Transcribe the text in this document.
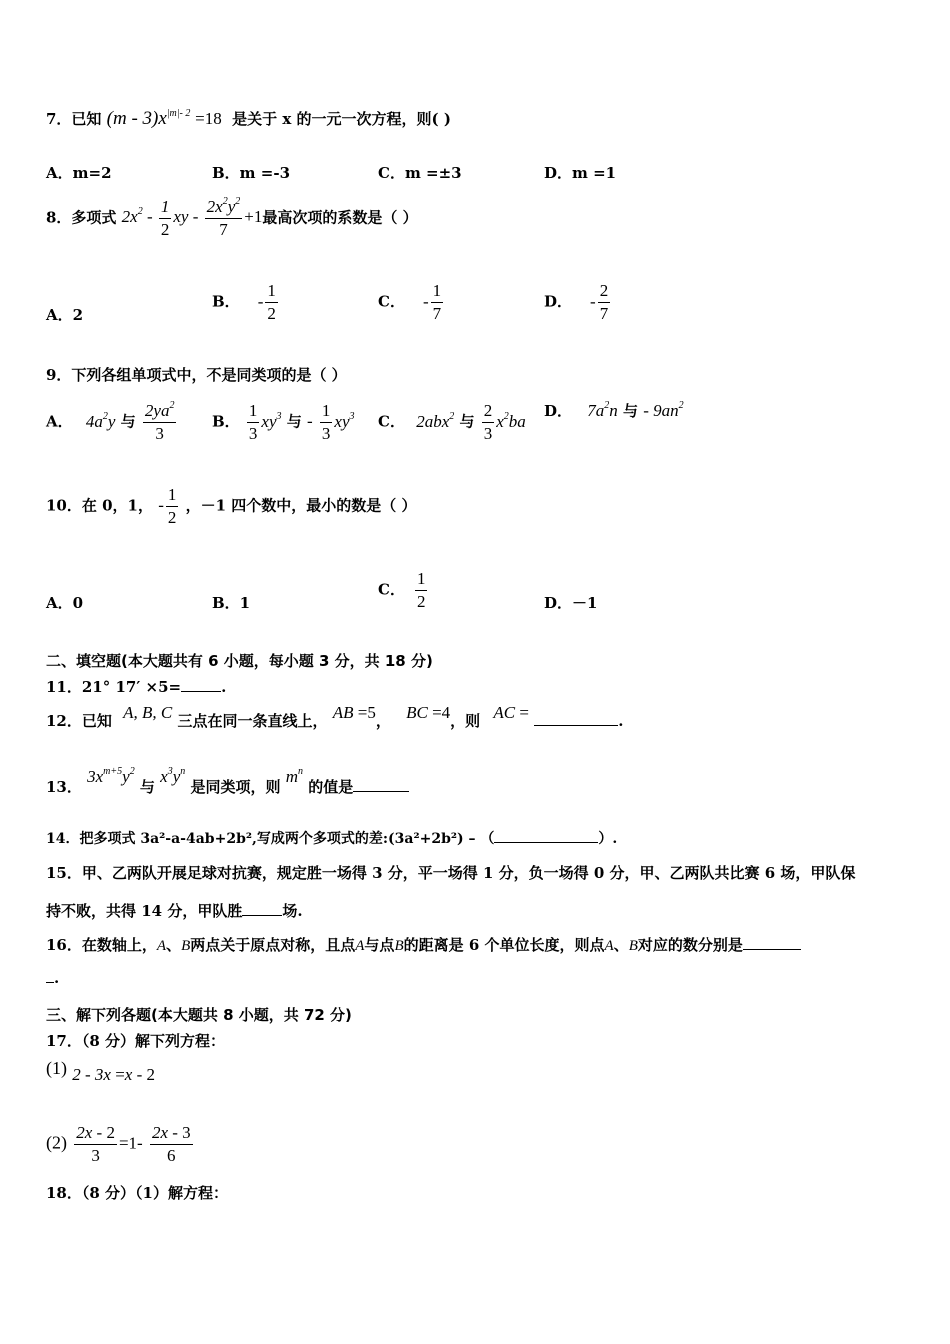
7．已知 $(m - 3)x^{|m|- 2} =18$ 是关于 x 的一元一次方程，则( )
A．m=2	B．m =-3	C．m =±3	D．m =1
8．多项式 $2x^2 - \frac{1}{2}$ xy - $\frac{2x^2y^2}{7} +1$最高次项的系数是（ ）
A．2
B． - $\frac{1}{2}$	C． - $\frac{1}{7}$	D． - $\frac{2}{7}$
9．下列各组单项式中，不是同类项的是（ ）
A． $4a^2y$ 与 $\frac{2ya^2}{3}$ B． $\frac{1}{3} xy^3$ 与 - $\frac{1}{3} xy^3$ C． 2abx$^2$ 与 $\frac{2}{3} x^2ba$
D． $7a^2n$ 与 - $9an^2$
10．在 0，1， - $\frac{1}{2}$ ，－1 四个数中，最小的数是（ ）
A．0	B．1
C． $\frac{1}{2}$	D．－1
二、填空题(本大题共有 6 小题，每小题 3 分，共 18 分)
11．21° 17′ ×5=	.
12．已知 A, B, C 三点在同一条直线上， AB =5， BC =4，则 AC =	.
13． $3x^{m+5}y^2$ 与 $x^3y^n$ 是同类项，则 $m^n$ 的值是
14．把多项式 3a²-a-4ab+2b²,写成两个多项式的差:(3a²+2b²) – （	）.
15．甲、乙两队开展足球对抗赛，规定胜一场得 3 分，平一场得 1 分，负一场得 0 分，甲、乙两队共比赛 6 场，甲队保
持不败，共得 14 分，甲队胜	场.
16．在数轴上，A、B两点关于原点对称，且点A与点B的距离是 6 个单位长度，则点A、B对应的数分别是
.
三、解下列各题(本大题共 8 小题，共 72 分)
17．（8 分）解下列方程：
(1) 2 - 3x =x - 2
$(2) \frac{2x - 2}{3} =1- \frac{2x - 3}{6}$
18．（8 分）（1）解方程：
